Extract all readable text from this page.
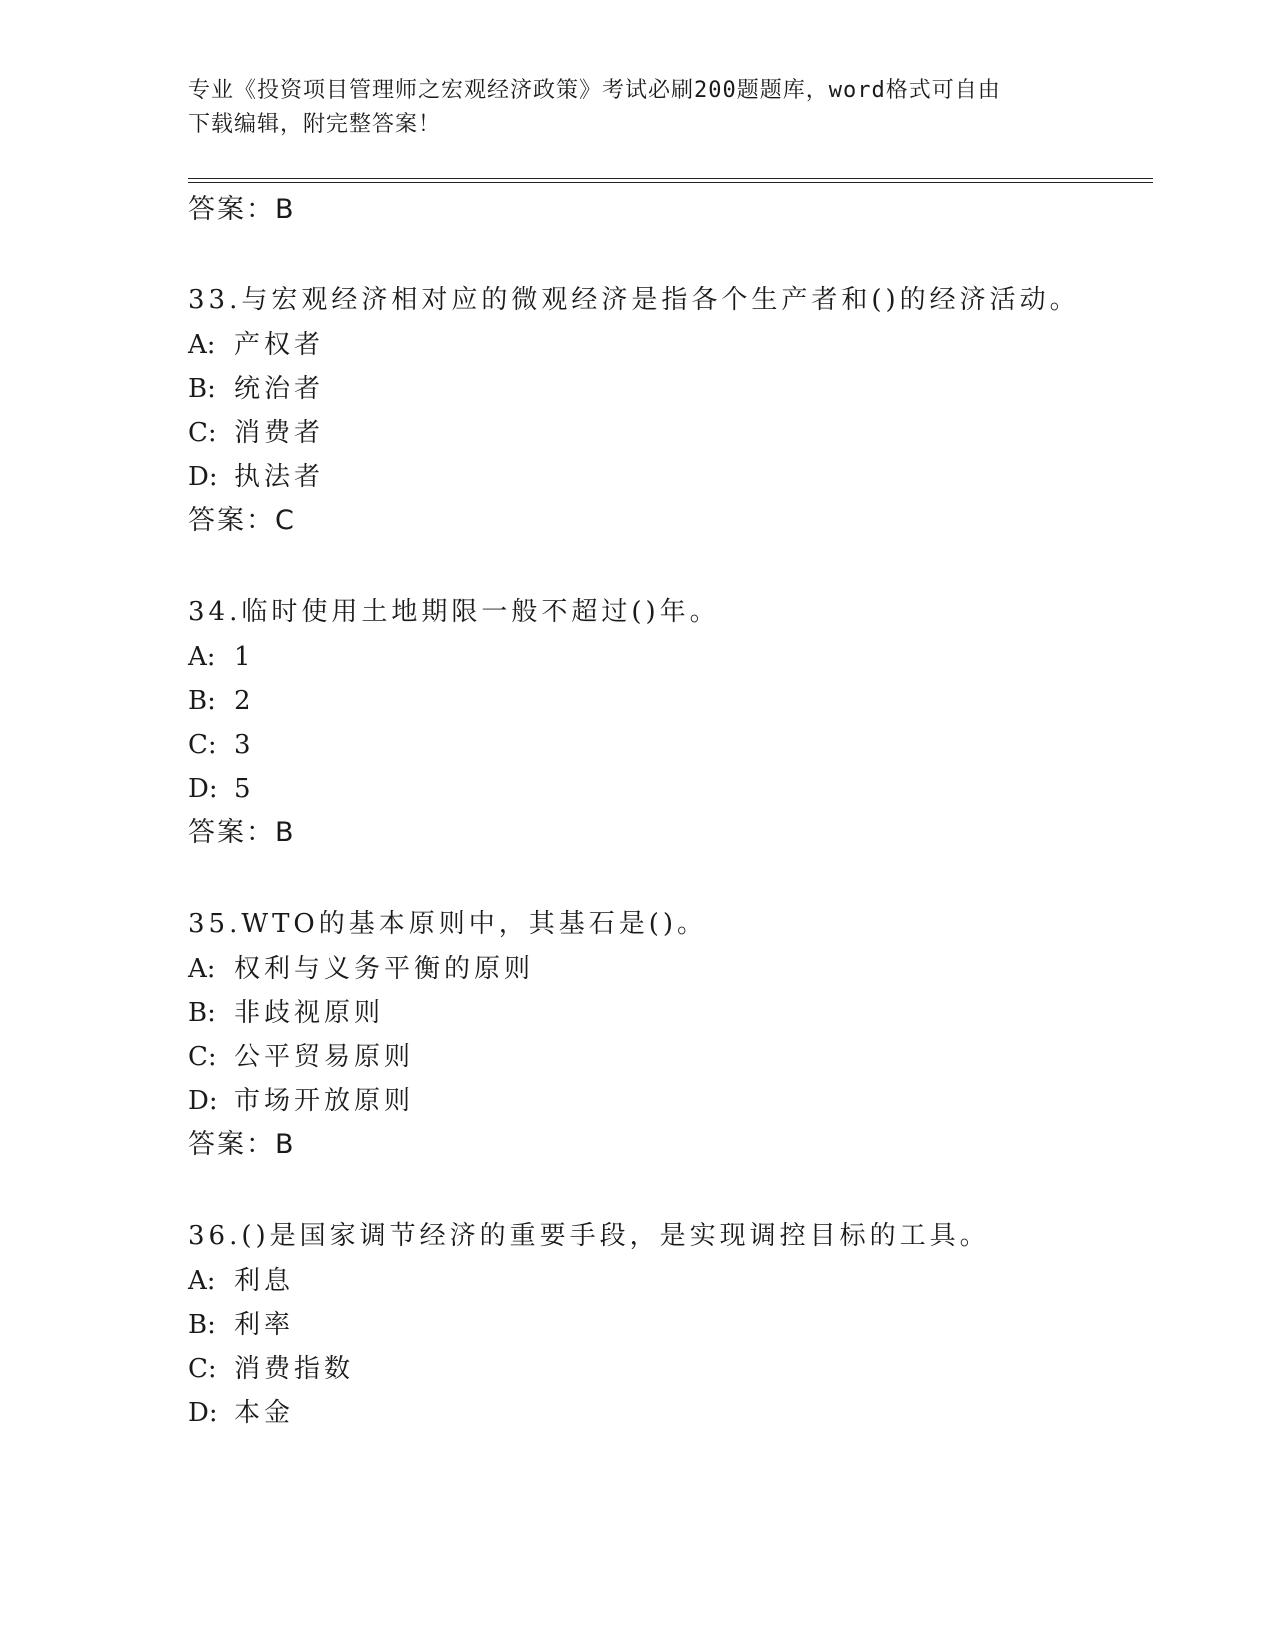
专业《投资项目管理师之宏观经济政策》考试必刷200题题库，word格式可自由
下载编辑，附完整答案！
答案：B
33.与宏观经济相对应的微观经济是指各个生产者和()的经济活动。
A: 产权者
B: 统治者
C: 消费者
D: 执法者
答案：C
34.临时使用土地期限一般不超过()年。
A: 1
B: 2
C: 3
D: 5
答案：B
35.WTO的基本原则中，其基石是()。
A: 权利与义务平衡的原则
B: 非歧视原则
C: 公平贸易原则
D: 市场开放原则
答案：B
36.()是国家调节经济的重要手段，是实现调控目标的工具。
A: 利息
B: 利率
C: 消费指数
D: 本金
